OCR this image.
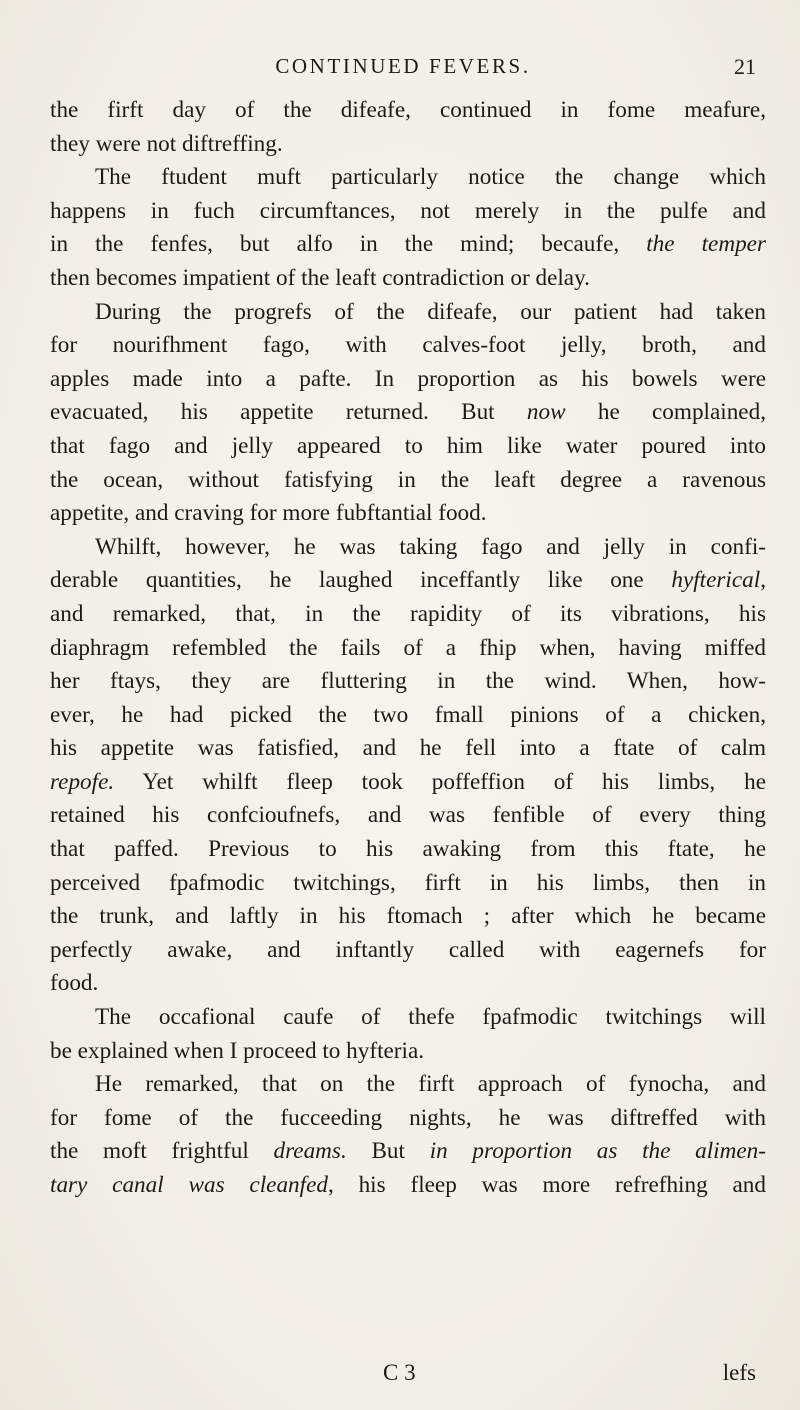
CONTINUED FEVERS.	21
the firft day of the difeafe, continued in fome meafure,
they were not diftreffing.
The ftudent muft particularly notice the change which
happens in fuch circumftances, not merely in the pulfe and
in the fenfes, but alfo in the mind; becaufe, the temper
then becomes impatient of the leaft contradiction or delay.
During the progrefs of the difeafe, our patient had taken
for nourifhment fago, with calves-foot jelly, broth, and
apples made into a pafte. In proportion as his bowels were
evacuated, his appetite returned. But now he complained,
that fago and jelly appeared to him like water poured into
the ocean, without fatisfying in the leaft degree a ravenous
appetite, and craving for more fubftantial food.
Whilft, however, he was taking fago and jelly in confi-
derable quantities, he laughed inceffantly like one hyfterical,
and remarked, that, in the rapidity of its vibrations, his
diaphragm refembled the fails of a fhip when, having miffed
her ftays, they are fluttering in the wind. When, how-
ever, he had picked the two fmall pinions of a chicken,
his appetite was fatisfied, and he fell into a ftate of calm
repofe. Yet whilft fleep took poffeffion of his limbs, he
retained his confcioufnefs, and was fenfible of every thing
that paffed. Previous to his awaking from this ftate, he
perceived fpafmodic twitchings, firft in his limbs, then in
the trunk, and laftly in his ftomach ; after which he became
perfectly awake, and inftantly called with eagernefs for
food.
The occafional caufe of thefe fpafmodic twitchings will
be explained when I proceed to hyfteria.
He remarked, that on the firft approach of fynocha, and
for fome of the fucceeding nights, he was diftreffed with
the moft frightful dreams. But in proportion as the alimen-
tary canal was cleanfed, his fleep was more refrefhing and
C 3	lefs
